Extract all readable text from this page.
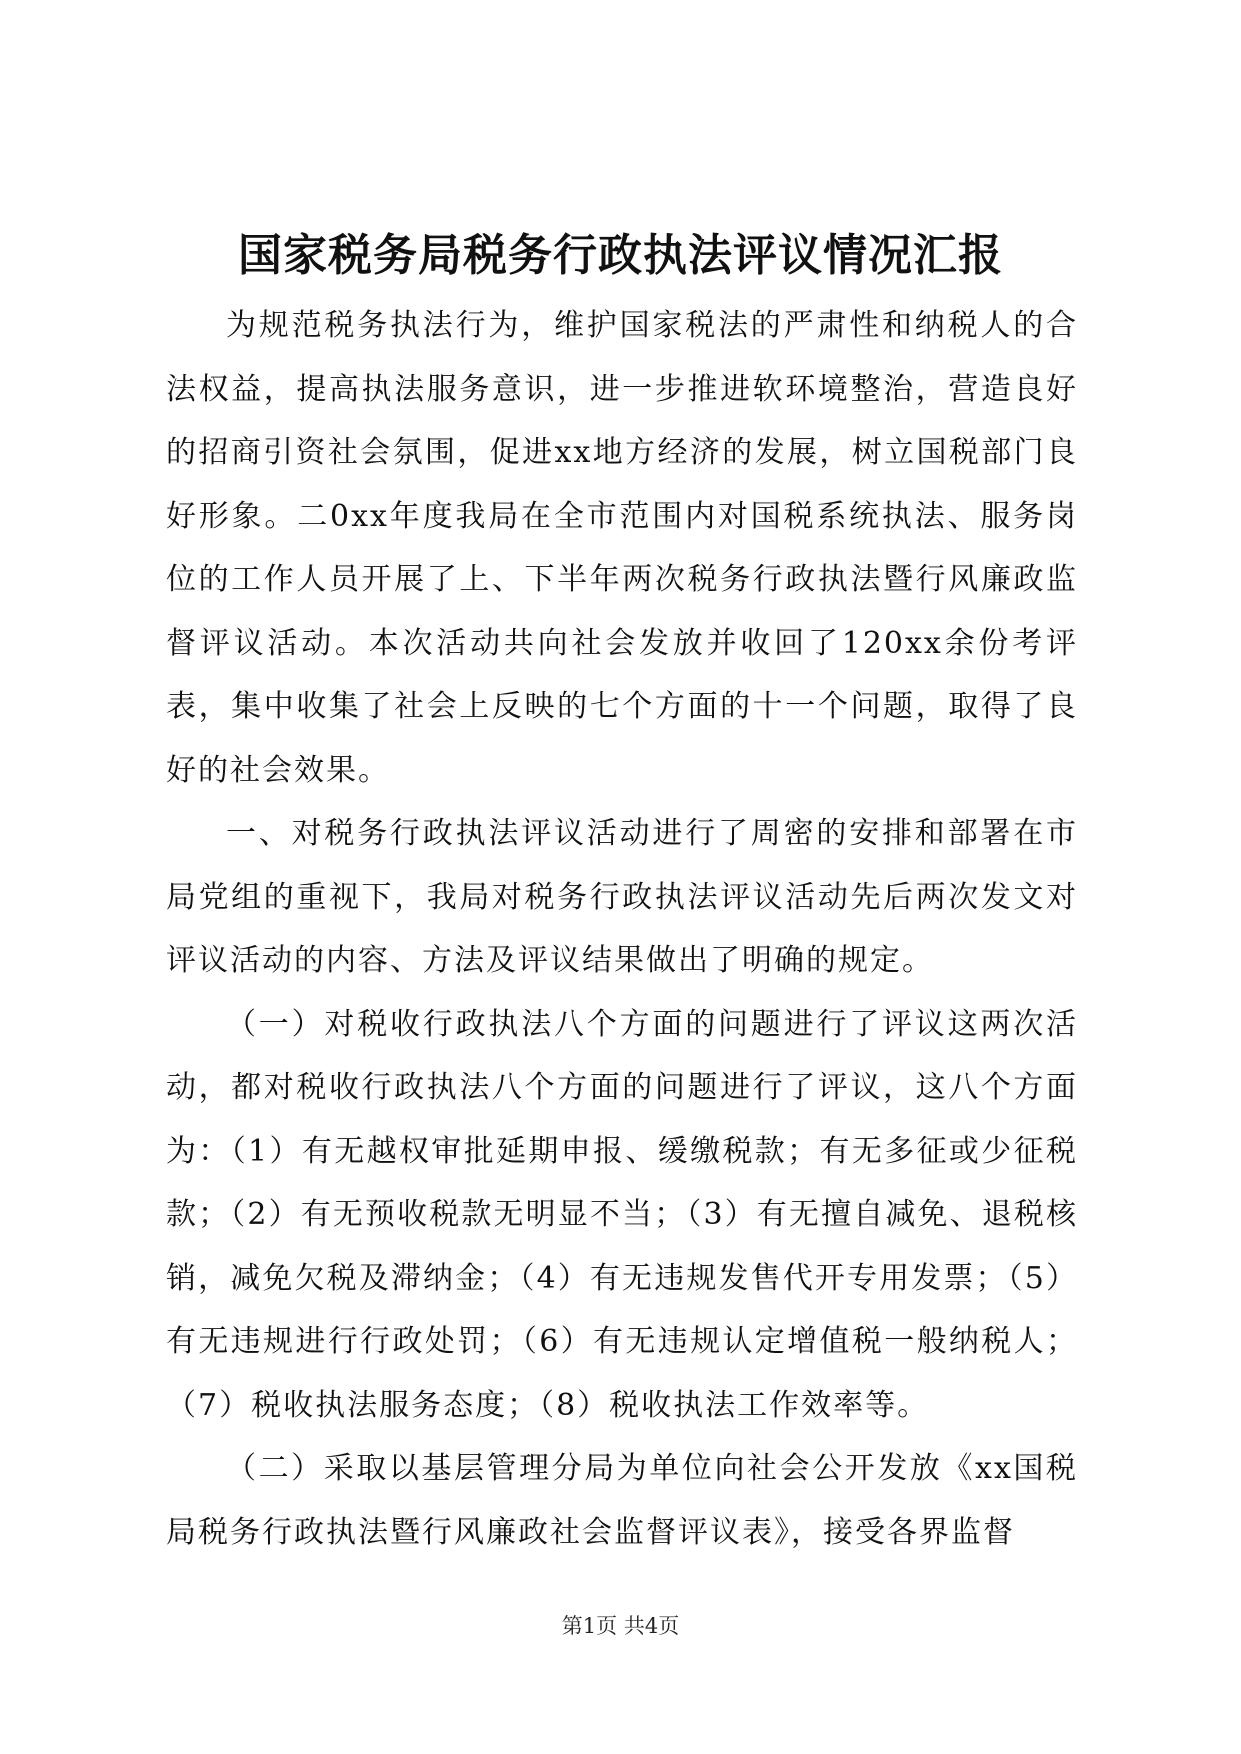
国家税务局税务行政执法评议情况汇报

为规范税务执法行为，维护国家税法的严肃性和纳税人的合法权益，提高执法服务意识，进一步推进软环境整治，营造良好的招商引资社会氛围，促进xx地方经济的发展，树立国税部门良好形象。二0xx年度我局在全市范围内对国税系统执法、服务岗位的工作人员开展了上、下半年两次税务行政执法暨行风廉政监督评议活动。本次活动共向社会发放并收回了120xx余份考评表，集中收集了社会上反映的七个方面的十一个问题，取得了良好的社会效果。

一、对税务行政执法评议活动进行了周密的安排和部署在市局党组的重视下，我局对税务行政执法评议活动先后两次发文对评议活动的内容、方法及评议结果做出了明确的规定。

（一）对税收行政执法八个方面的问题进行了评议这两次活动，都对税收行政执法八个方面的问题进行了评议，这八个方面为：（1）有无越权审批延期申报、缓缴税款；有无多征或少征税款；（2）有无预收税款无明显不当；（3）有无擅自减免、退税核销，减免欠税及滞纳金；（4）有无违规发售代开专用发票；（5）有无违规进行行政处罚；（6）有无违规认定增值税一般纳税人；（7）税收执法服务态度；（8）税收执法工作效率等。

（二）采取以基层管理分局为单位向社会公开发放《xx国税局税务行政执法暨行风廉政社会监督评议表》，接受各界监督

第1页 共4页
